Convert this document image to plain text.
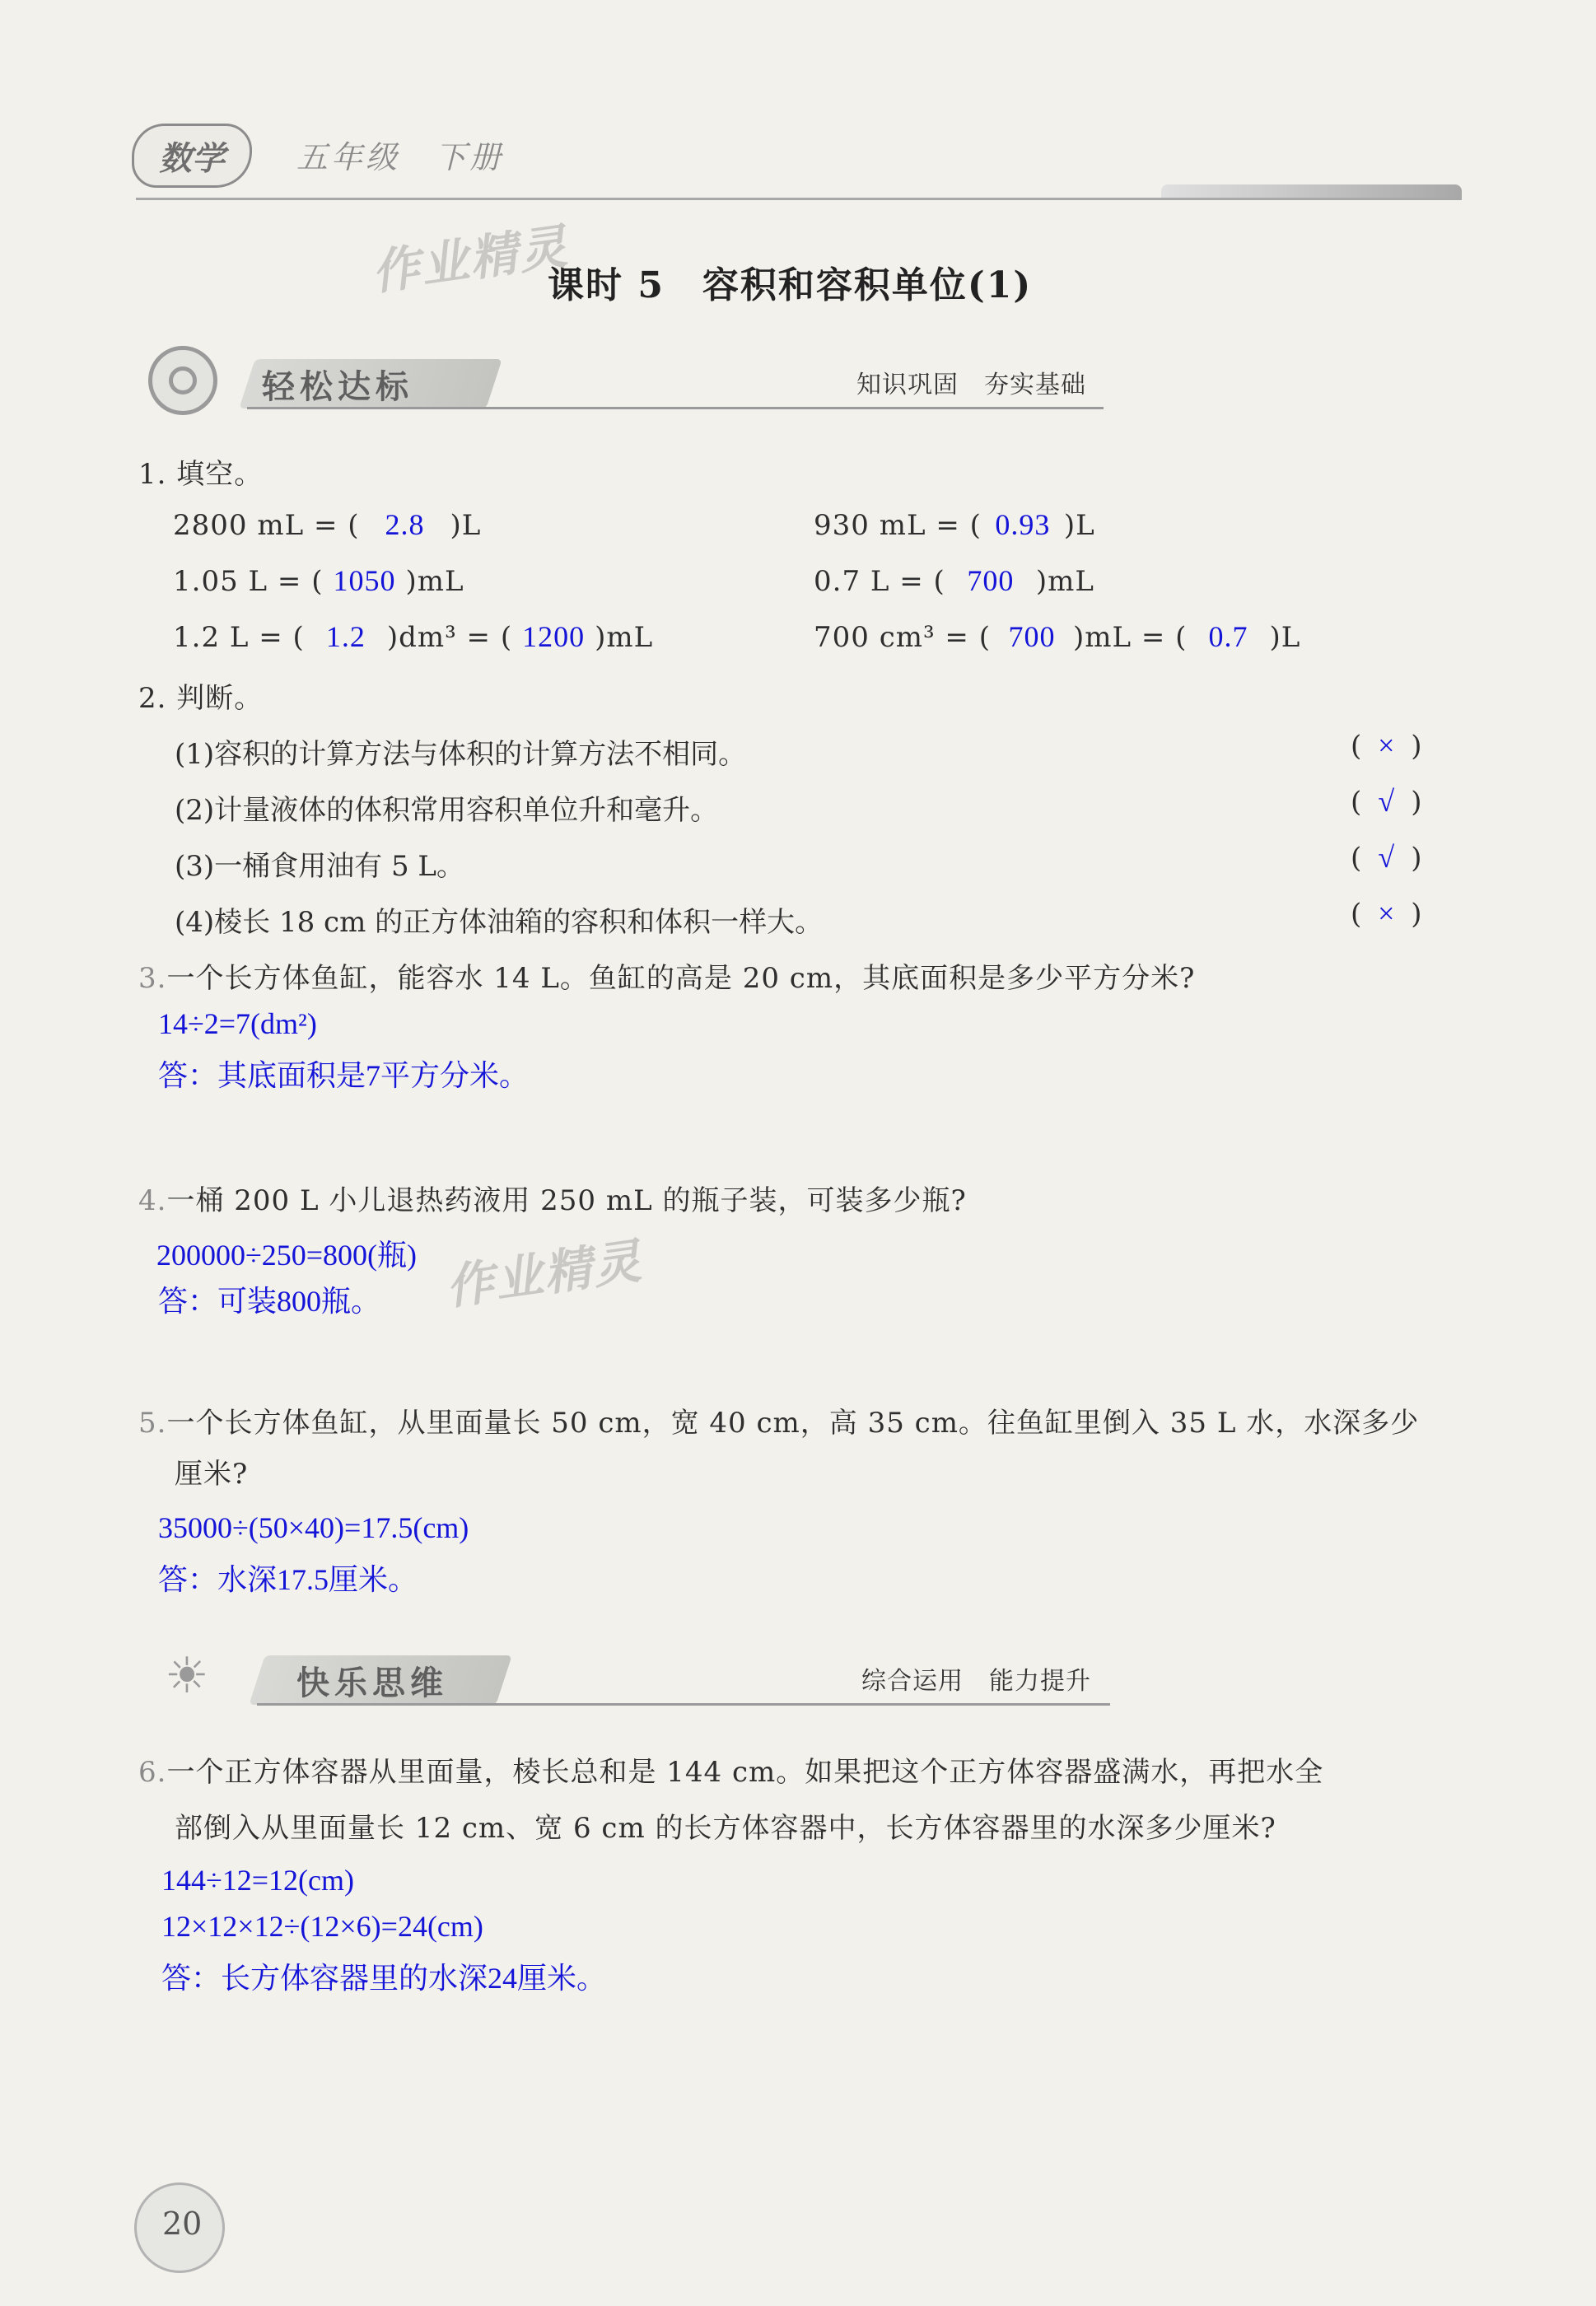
数学	五年级　下册
作业精灵
课时 5　容积和容积单位(1)
轻松达标	知识巩固　夯实基础
1. 填空。
2800 mL = ( 2.8 )L	930 mL = ( 0.93 )L
1.05 L = ( 1050 )mL	0.7 L = ( 700 )mL
1.2 L = ( 1.2 )dm³ = ( 1200 )mL	700 cm³ = ( 700 )mL = ( 0.7 )L
2. 判断。
(1)容积的计算方法与体积的计算方法不相同。	( × )
(2)计量液体的体积常用容积单位升和毫升。	( √ )
(3)一桶食用油有 5 L。	( √ )
(4)棱长 18 cm 的正方体油箱的容积和体积一样大。	( × )
3.一个长方体鱼缸，能容水 14 L。鱼缸的高是 20 cm，其底面积是多少平方分米?
14÷2=7(dm²)
答：其底面积是7平方分米。
4.一桶 200 L 小儿退热药液用 250 mL 的瓶子装，可装多少瓶?
200000÷250=800(瓶) 作业精灵
答：可装800瓶。
5.一个长方体鱼缸，从里面量长 50 cm，宽 40 cm，高 35 cm。往鱼缸里倒入 35 L 水，水深多少
厘米?
35000÷(50×40)=17.5(cm)
答：水深17.5厘米。
☀	快乐思维	综合运用　能力提升
6.一个正方体容器从里面量，棱长总和是 144 cm。如果把这个正方体容器盛满水，再把水全
部倒入从里面量长 12 cm、宽 6 cm 的长方体容器中，长方体容器里的水深多少厘米?
144÷12=12(cm)
12×12×12÷(12×6)=24(cm)
答：长方体容器里的水深24厘米。
20
